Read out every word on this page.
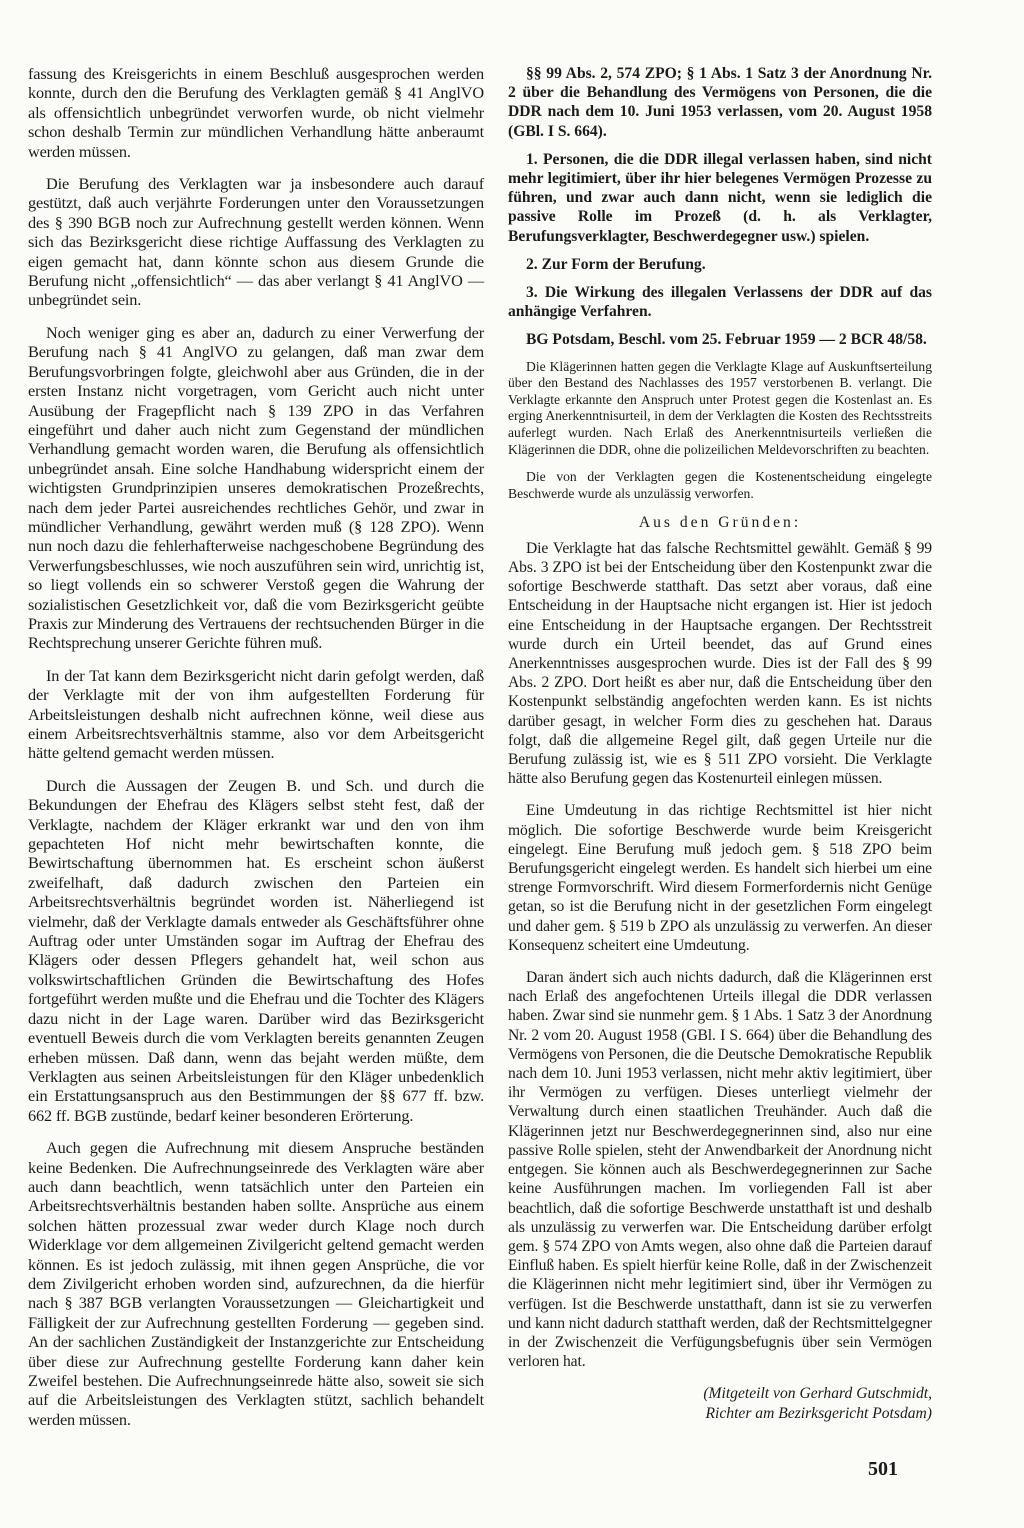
fassung des Kreisgerichts in einem Beschluß ausgesprochen werden konnte, durch den die Berufung des Verklagten gemäß § 41 AnglVO als offensichtlich unbegründet verworfen wurde, ob nicht vielmehr schon deshalb Termin zur mündlichen Verhandlung hätte anberaumt werden müssen.

Die Berufung des Verklagten war ja insbesondere auch darauf gestützt, daß auch verjährte Forderungen unter den Voraussetzungen des § 390 BGB noch zur Aufrechnung gestellt werden können. Wenn sich das Bezirksgericht diese richtige Auffassung des Verklagten zu eigen gemacht hat, dann könnte schon aus diesem Grunde die Berufung nicht „offensichtlich“ — das aber verlangt § 41 AnglVO — unbegründet sein.

Noch weniger ging es aber an, dadurch zu einer Verwerfung der Berufung nach § 41 AnglVO zu gelangen, daß man zwar dem Berufungsvorbringen folgte, gleichwohl aber aus Gründen, die in der ersten Instanz nicht vorgetragen, vom Gericht auch nicht unter Ausübung der Fragepflicht nach § 139 ZPO in das Verfahren eingeführt und daher auch nicht zum Gegenstand der mündlichen Verhandlung gemacht worden waren, die Berufung als offensichtlich unbegründet ansah. Eine solche Handhabung widerspricht einem der wichtigsten Grundprinzipien unseres demokratischen Prozeßrechts, nach dem jeder Partei ausreichendes rechtliches Gehör, und zwar in mündlicher Verhandlung, gewährt werden muß (§ 128 ZPO). Wenn nun noch dazu die fehlerhafterweise nachgeschobene Begründung des Verwerfungsbeschlusses, wie noch auszuführen sein wird, unrichtig ist, so liegt vollends ein so schwerer Verstoß gegen die Wahrung der sozialistischen Gesetzlichkeit vor, daß die vom Bezirksgericht geübte Praxis zur Minderung des Vertrauens der rechtsuchenden Bürger in die Rechtsprechung unserer Gerichte führen muß.

In der Tat kann dem Bezirksgericht nicht darin gefolgt werden, daß der Verklagte mit der von ihm aufgestellten Forderung für Arbeitsleistungen deshalb nicht aufrechnen könne, weil diese aus einem Arbeitsrechtsverhältnis stamme, also vor dem Arbeitsgericht hätte geltend gemacht werden müssen.

Durch die Aussagen der Zeugen B. und Sch. und durch die Bekundungen der Ehefrau des Klägers selbst steht fest, daß der Verklagte, nachdem der Kläger erkrankt war und den von ihm gepachteten Hof nicht mehr bewirtschaften konnte, die Bewirtschaftung übernommen hat. Es erscheint schon äußerst zweifelhaft, daß dadurch zwischen den Parteien ein Arbeitsrechtsverhältnis begründet worden ist. Näherliegend ist vielmehr, daß der Verklagte damals entweder als Geschäftsführer ohne Auftrag oder unter Umständen sogar im Auftrag der Ehefrau des Klägers oder dessen Pflegers gehandelt hat, weil schon aus volkswirtschaftlichen Gründen die Bewirtschaftung des Hofes fortgeführt werden mußte und die Ehefrau und die Tochter des Klägers dazu nicht in der Lage waren. Darüber wird das Bezirksgericht eventuell Beweis durch die vom Verklagten bereits genannten Zeugen erheben müssen. Daß dann, wenn das bejaht werden müßte, dem Verklagten aus seinen Arbeitsleistungen für den Kläger unbedenklich ein Erstattungsanspruch aus den Bestimmungen der §§ 677 ff. bzw. 662 ff. BGB zustünde, bedarf keiner besonderen Erörterung.

Auch gegen die Aufrechnung mit diesem Anspruche beständen keine Bedenken. Die Aufrechnungseinrede des Verklagten wäre aber auch dann beachtlich, wenn tatsächlich unter den Parteien ein Arbeitsrechtsverhältnis bestanden haben sollte. Ansprüche aus einem solchen hätten prozessual zwar weder durch Klage noch durch Widerklage vor dem allgemeinen Zivilgericht geltend gemacht werden können. Es ist jedoch zulässig, mit ihnen gegen Ansprüche, die vor dem Zivilgericht erhoben worden sind, aufzurechnen, da die hierfür nach § 387 BGB verlangten Voraussetzungen — Gleichartigkeit und Fälligkeit der zur Aufrechnung gestellten Forderung — gegeben sind. An der sachlichen Zuständigkeit der Instanzgerichte zur Entscheidung über diese zur Aufrechnung gestellte Forderung kann daher kein Zweifel bestehen. Die Aufrechnungseinrede hätte also, soweit sie sich auf die Arbeitsleistungen des Verklagten stützt, sachlich behandelt werden müssen.

§§ 99 Abs. 2, 574 ZPO; § 1 Abs. 1 Satz 3 der Anordnung Nr. 2 über die Behandlung des Vermögens von Personen, die die DDR nach dem 10. Juni 1953 verlassen, vom 20. August 1958 (GBl. I S. 664).

1. Personen, die die DDR illegal verlassen haben, sind nicht mehr legitimiert, über ihr hier belegenes Vermögen Prozesse zu führen, und zwar auch dann nicht, wenn sie lediglich die passive Rolle im Prozeß (d. h. als Verklagter, Berufungsverklagter, Beschwerdegegner usw.) spielen.

2. Zur Form der Berufung.

3. Die Wirkung des illegalen Verlassens der DDR auf das anhängige Verfahren.

BG Potsdam, Beschl. vom 25. Februar 1959 — 2 BCR 48/58.

Die Klägerinnen hatten gegen die Verklagte Klage auf Auskunftserteilung über den Bestand des Nachlasses des 1957 verstorbenen B. verlangt. Die Verklagte erkannte den Anspruch unter Protest gegen die Kostenlast an. Es erging Anerkenntnisurteil, in dem der Verklagten die Kosten des Rechtsstreits auferlegt wurden. Nach Erlaß des Anerkenntnisurteils verließen die Klägerinnen die DDR, ohne die polizeilichen Meldevorschriften zu beachten.

Die von der Verklagten gegen die Kostenentscheidung eingelegte Beschwerde wurde als unzulässig verworfen.

Aus den Gründen:

Die Verklagte hat das falsche Rechtsmittel gewählt. Gemäß § 99 Abs. 3 ZPO ist bei der Entscheidung über den Kostenpunkt zwar die sofortige Beschwerde statthaft. Das setzt aber voraus, daß eine Entscheidung in der Hauptsache nicht ergangen ist. Hier ist jedoch eine Entscheidung in der Hauptsache ergangen. Der Rechtsstreit wurde durch ein Urteil beendet, das auf Grund eines Anerkenntnisses ausgesprochen wurde. Dies ist der Fall des § 99 Abs. 2 ZPO. Dort heißt es aber nur, daß die Entscheidung über den Kostenpunkt selbständig angefochten werden kann. Es ist nichts darüber gesagt, in welcher Form dies zu geschehen hat. Daraus folgt, daß die allgemeine Regel gilt, daß gegen Urteile nur die Berufung zulässig ist, wie es § 511 ZPO vorsieht. Die Verklagte hätte also Berufung gegen das Kostenurteil einlegen müssen.

Eine Umdeutung in das richtige Rechtsmittel ist hier nicht möglich. Die sofortige Beschwerde wurde beim Kreisgericht eingelegt. Eine Berufung muß jedoch gem. § 518 ZPO beim Berufungsgericht eingelegt werden. Es handelt sich hierbei um eine strenge Formvorschrift. Wird diesem Formerfordernis nicht Genüge getan, so ist die Berufung nicht in der gesetzlichen Form eingelegt und daher gem. § 519 b ZPO als unzulässig zu verwerfen. An dieser Konsequenz scheitert eine Umdeutung.

Daran ändert sich auch nichts dadurch, daß die Klägerinnen erst nach Erlaß des angefochtenen Urteils illegal die DDR verlassen haben. Zwar sind sie nunmehr gem. § 1 Abs. 1 Satz 3 der Anordnung Nr. 2 vom 20. August 1958 (GBl. I S. 664) über die Behandlung des Vermögens von Personen, die die Deutsche Demokratische Republik nach dem 10. Juni 1953 verlassen, nicht mehr aktiv legitimiert, über ihr Vermögen zu verfügen. Dieses unterliegt vielmehr der Verwaltung durch einen staatlichen Treuhänder. Auch daß die Klägerinnen jetzt nur Beschwerdegegnerinnen sind, also nur eine passive Rolle spielen, steht der Anwendbarkeit der Anordnung nicht entgegen. Sie können auch als Beschwerdegegnerinnen zur Sache keine Ausführungen machen. Im vorliegenden Fall ist aber beachtlich, daß die sofortige Beschwerde unstatthaft ist und deshalb als unzulässig zu verwerfen war. Die Entscheidung darüber erfolgt gem. § 574 ZPO von Amts wegen, also ohne daß die Parteien darauf Einfluß haben. Es spielt hierfür keine Rolle, daß in der Zwischenzeit die Klägerinnen nicht mehr legitimiert sind, über ihr Vermögen zu verfügen. Ist die Beschwerde unstatthaft, dann ist sie zu verwerfen und kann nicht dadurch statthaft werden, daß der Rechtsmittelgegner in der Zwischenzeit die Verfügungsbefugnis über sein Vermögen verloren hat.

(Mitgeteilt von Gerhard Gutschmidt,
Richter am Bezirksgericht Potsdam)
501
